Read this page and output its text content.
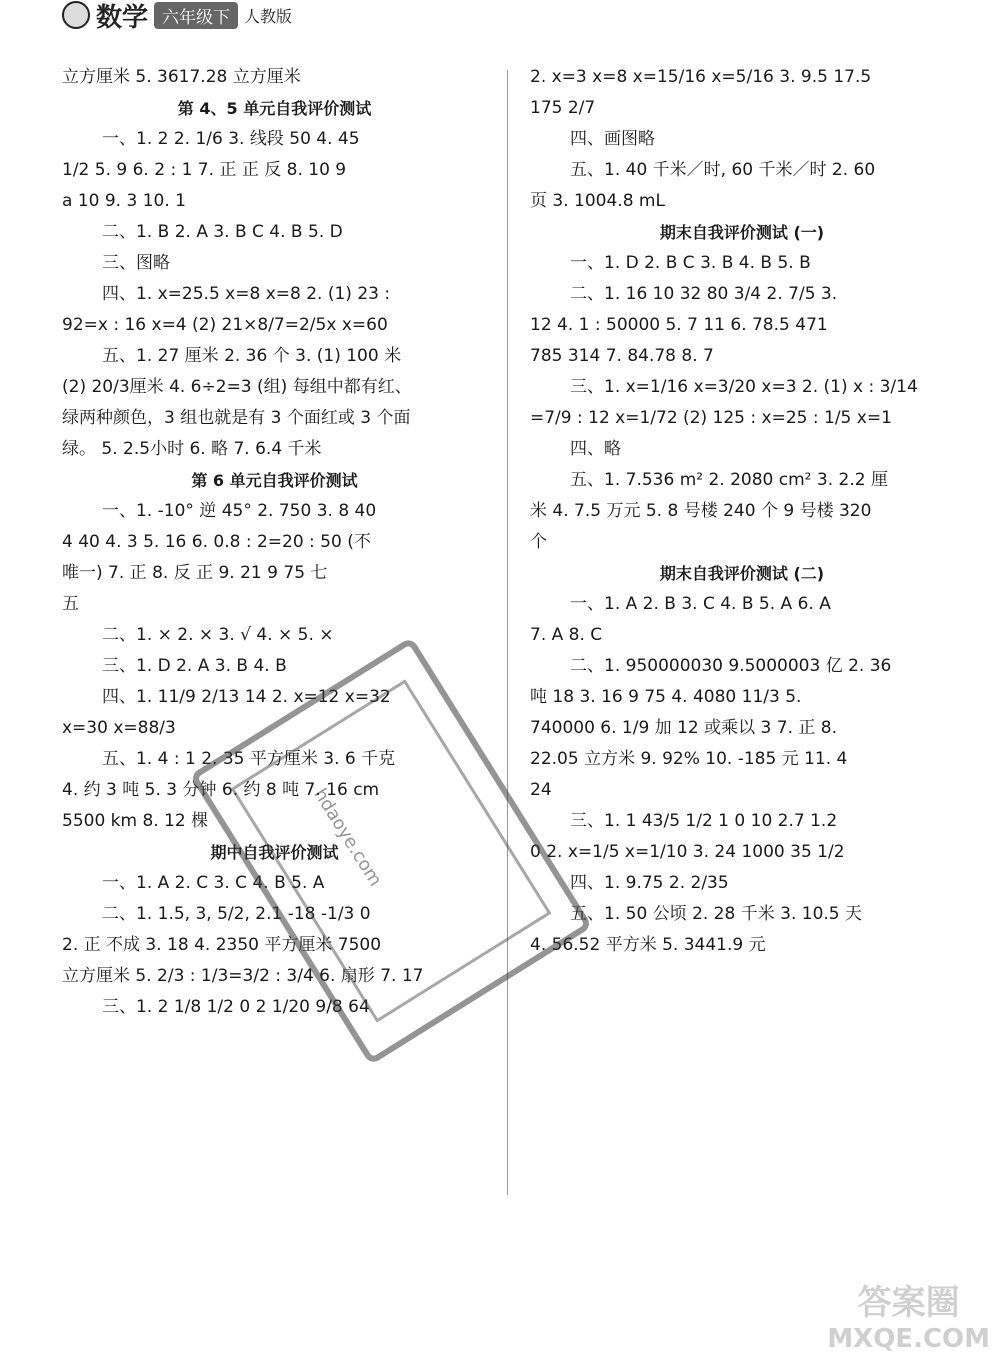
数学 六年级下 人教版
立方厘米 5. 3617.28 立方厘米
第 4、5 单元自我评价测试
一、1. 2 2. 1/6 3. 线段 50 4. 45
1/2 5. 9 6. 2 : 1 7. 正 正 反 8. 10 9
a 10 9. 3 10. 1
二、1. B 2. A 3. B C 4. B 5. D
三、图略
四、1. x=25.5 x=8 x=8 2. (1) 23 :
92=x : 16 x=4 (2) 21×8/7=2/5x x=60
五、1. 27 厘米 2. 36 个 3. (1) 100 米
(2) 20/3厘米 4. 6÷2=3 (组) 每组中都有红、
绿两种颜色，3 组也就是有 3 个面红或 3 个面
绿。 5. 2.5小时 6. 略 7. 6.4 千米
第 6 单元自我评价测试
一、1. -10° 逆 45° 2. 750 3. 8 40
4 40 4. 3 5. 16 6. 0.8 : 2=20 : 50 (不
唯一) 7. 正 8. 反 正 9. 21 9 75 七
五
二、1. × 2. × 3. √ 4. × 5. ×
三、1. D 2. A 3. B 4. B
四、1. 11/9 2/13 14 2. x=12 x=32
x=30 x=88/3
五、1. 4 : 1 2. 35 平方厘米 3. 6 千克
4. 约 3 吨 5. 3 分钟 6. 约 8 吨 7. 16 cm
5500 km 8. 12 棵
期中自我评价测试
一、1. A 2. C 3. C 4. B 5. A
二、1. 1.5, 3, 5/2, 2.1 -18 -1/3 0
2. 正 不成 3. 18 4. 2350 平方厘米 7500
立方厘米 5. 2/3 : 1/3=3/2 : 3/4 6. 扇形 7. 17
三、1. 2 1/8 1/2 0 2 1/20 9/8 64
2. x=3 x=8 x=15/16 x=5/16 3. 9.5 17.5
175 2/7
四、画图略
五、1. 40 千米／时, 60 千米／时 2. 60
页 3. 1004.8 mL
期末自我评价测试 (一)
一、1. D 2. B C 3. B 4. B 5. B
二、1. 16 10 32 80 3/4 2. 7/5 3.
12 4. 1 : 50000 5. 7 11 6. 78.5 471
785 314 7. 84.78 8. 7
三、1. x=1/16 x=3/20 x=3 2. (1) x : 3/14
=7/9 : 12 x=1/72 (2) 125 : x=25 : 1/5 x=1
四、略
五、1. 7.536 m² 2. 2080 cm² 3. 2.2 厘
米 4. 7.5 万元 5. 8 号楼 240 个 9 号楼 320
个
期末自我评价测试 (二)
一、1. A 2. B 3. C 4. B 5. A 6. A
7. A 8. C
二、1. 950000030 9.5000003 亿 2. 36
吨 18 3. 16 9 75 4. 4080 11/3 5.
740000 6. 1/9 加 12 或乘以 3 7. 正 8.
22.05 立方米 9. 92% 10. -185 元 11. 4
24
三、1. 1 43/5 1/2 1 0 10 2.7 1.2
0 2. x=1/5 x=1/10 3. 24 1000 35 1/2
四、1. 9.75 2. 2/35
五、1. 50 公顷 2. 28 千米 3. 10.5 天
4. 56.52 平方米 5. 3441.9 元
hdaoye.com
答案圈
MXQE.COM
